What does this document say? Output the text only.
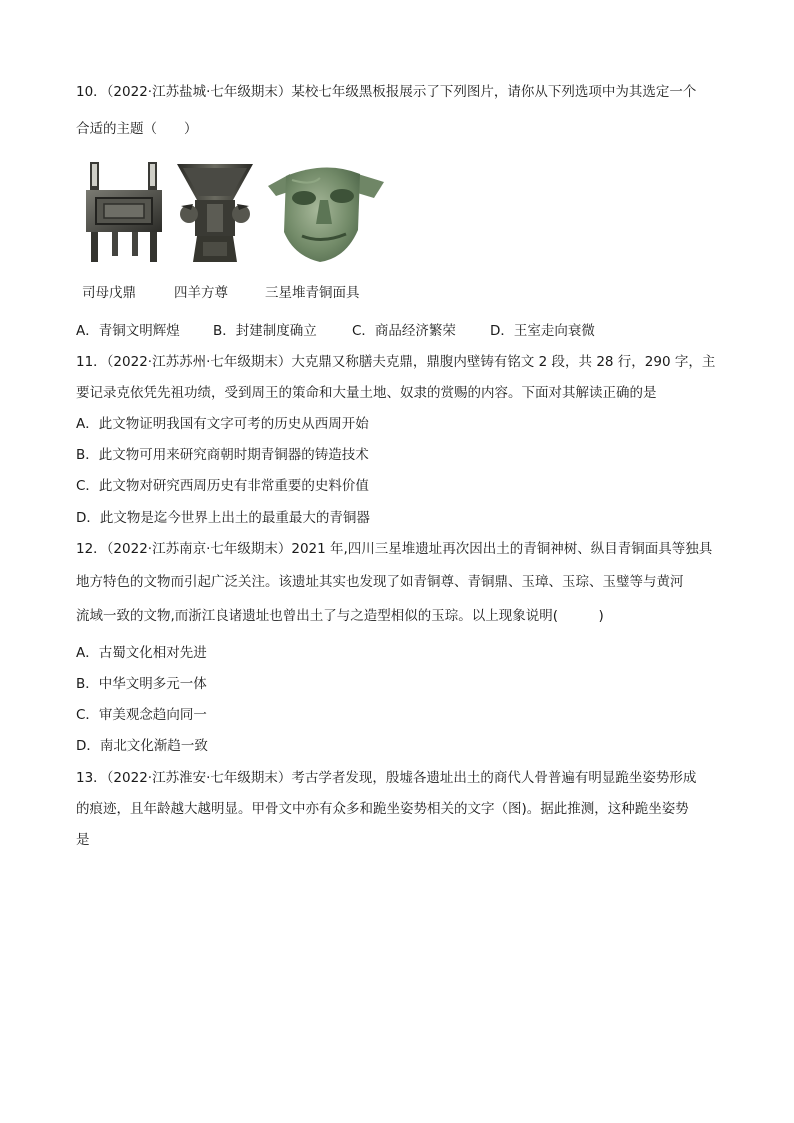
10．（2022·江苏盐城·七年级期末）某校七年级黑板报展示了下列图片，请你从下列选项中为其选定一个
合适的主题（　　）
司母戊鼎	四羊方尊	三星堆青铜面具
A．青铜文明辉煌 B．封建制度确立	C．商品经济繁荣	D．王室走向衰微
11．（2022·江苏苏州·七年级期末）大克鼎又称膳夫克鼎，鼎腹内壁铸有铭文 2 段，共 28 行，290 字，主
要记录克依凭先祖功绩，受到周王的策命和大量土地、奴隶的赏赐的内容。下面对其解读正确的是
A．此文物证明我国有文字可考的历史从西周开始
B．此文物可用来研究商朝时期青铜器的铸造技术
C．此文物对研究西周历史有非常重要的史料价值
D．此文物是迄今世界上出土的最重最大的青铜器
12．（2022·江苏南京·七年级期末）2021 年,四川三星堆遗址再次因出土的青铜神树、纵目青铜面具等独具
地方特色的文物而引起广泛关注。该遗址其实也发现了如青铜尊、青铜鼎、玉璋、玉琮、玉璧等与黄河
流域一致的文物,而浙江良诸遗址也曾出土了与之造型相似的玉琮。以上现象说明(　　　)
A．古蜀文化相对先进
B．中华文明多元一体
C．审美观念趋向同一
D．南北文化渐趋一致
13．（2022·江苏淮安·七年级期末）考古学者发现，殷墟各遗址出土的商代人骨普遍有明显跪坐姿势形成
的痕迹，且年龄越大越明显。甲骨文中亦有众多和跪坐姿势相关的文字（图)。据此推测，这种跪坐姿势
是
